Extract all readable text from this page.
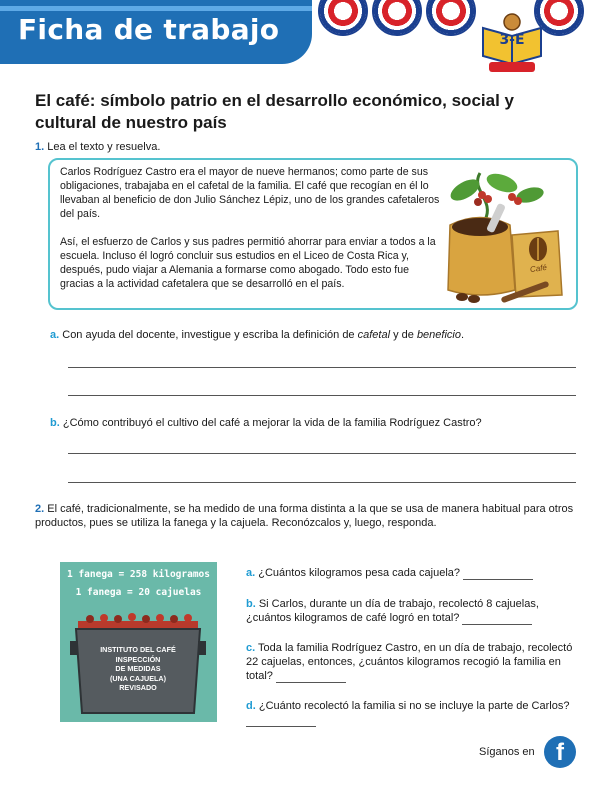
Ficha de trabajo	3-E
El café: símbolo patrio en el desarrollo económico, social y cultural de nuestro país
1. Lea el texto y resuelva.
Carlos Rodríguez Castro era el mayor de nueve hermanos; como parte de sus obligaciones, trabajaba en el cafetal de la familia. El café que recogían en él lo llevaban al beneficio de don Julio Sánchez Lépiz, uno de los grandes cafetaleros del país.
Así, el esfuerzo de Carlos y sus padres permitió ahorrar para enviar a todos a la escuela. Incluso él logró concluir sus estudios en el Liceo de Costa Rica y, después, pudo viajar a Alemania a formarse como abogado. Todo esto fue gracias a la actividad cafetalera que se desarrolló en el país.
Café
a. Con ayuda del docente, investigue y escriba la definición de cafetal y de beneficio.
b. ¿Cómo contribuyó el cultivo del café a mejorar la vida de la familia Rodríguez Castro?
2. El café, tradicionalmente, se ha medido de una forma distinta a la que se usa de manera habitual para otros productos, pues se utiliza la fanega y la cajuela. Reconózcalos y, luego, responda.
1 fanega = 258 kilogramos
1 fanega = 20 cajuelas
INSTITUTO DEL CAFÉ
INSPECCIÓN
DE MEDIDAS
(UNA CAJUELA)
REVISADO
a. ¿Cuántos kilogramos pesa cada cajuela?
b. Si Carlos, durante un día de trabajo, recolectó 8 cajuelas, ¿cuántos kilogramos de café logró en total?
c. Toda la familia Rodríguez Castro, en un día de trabajo, recolectó 22 cajuelas, entonces, ¿cuántos kilogramos recogió la familia en total?
d. ¿Cuánto recolectó la familia si no se incluye la parte de Carlos?
Síganos en f
